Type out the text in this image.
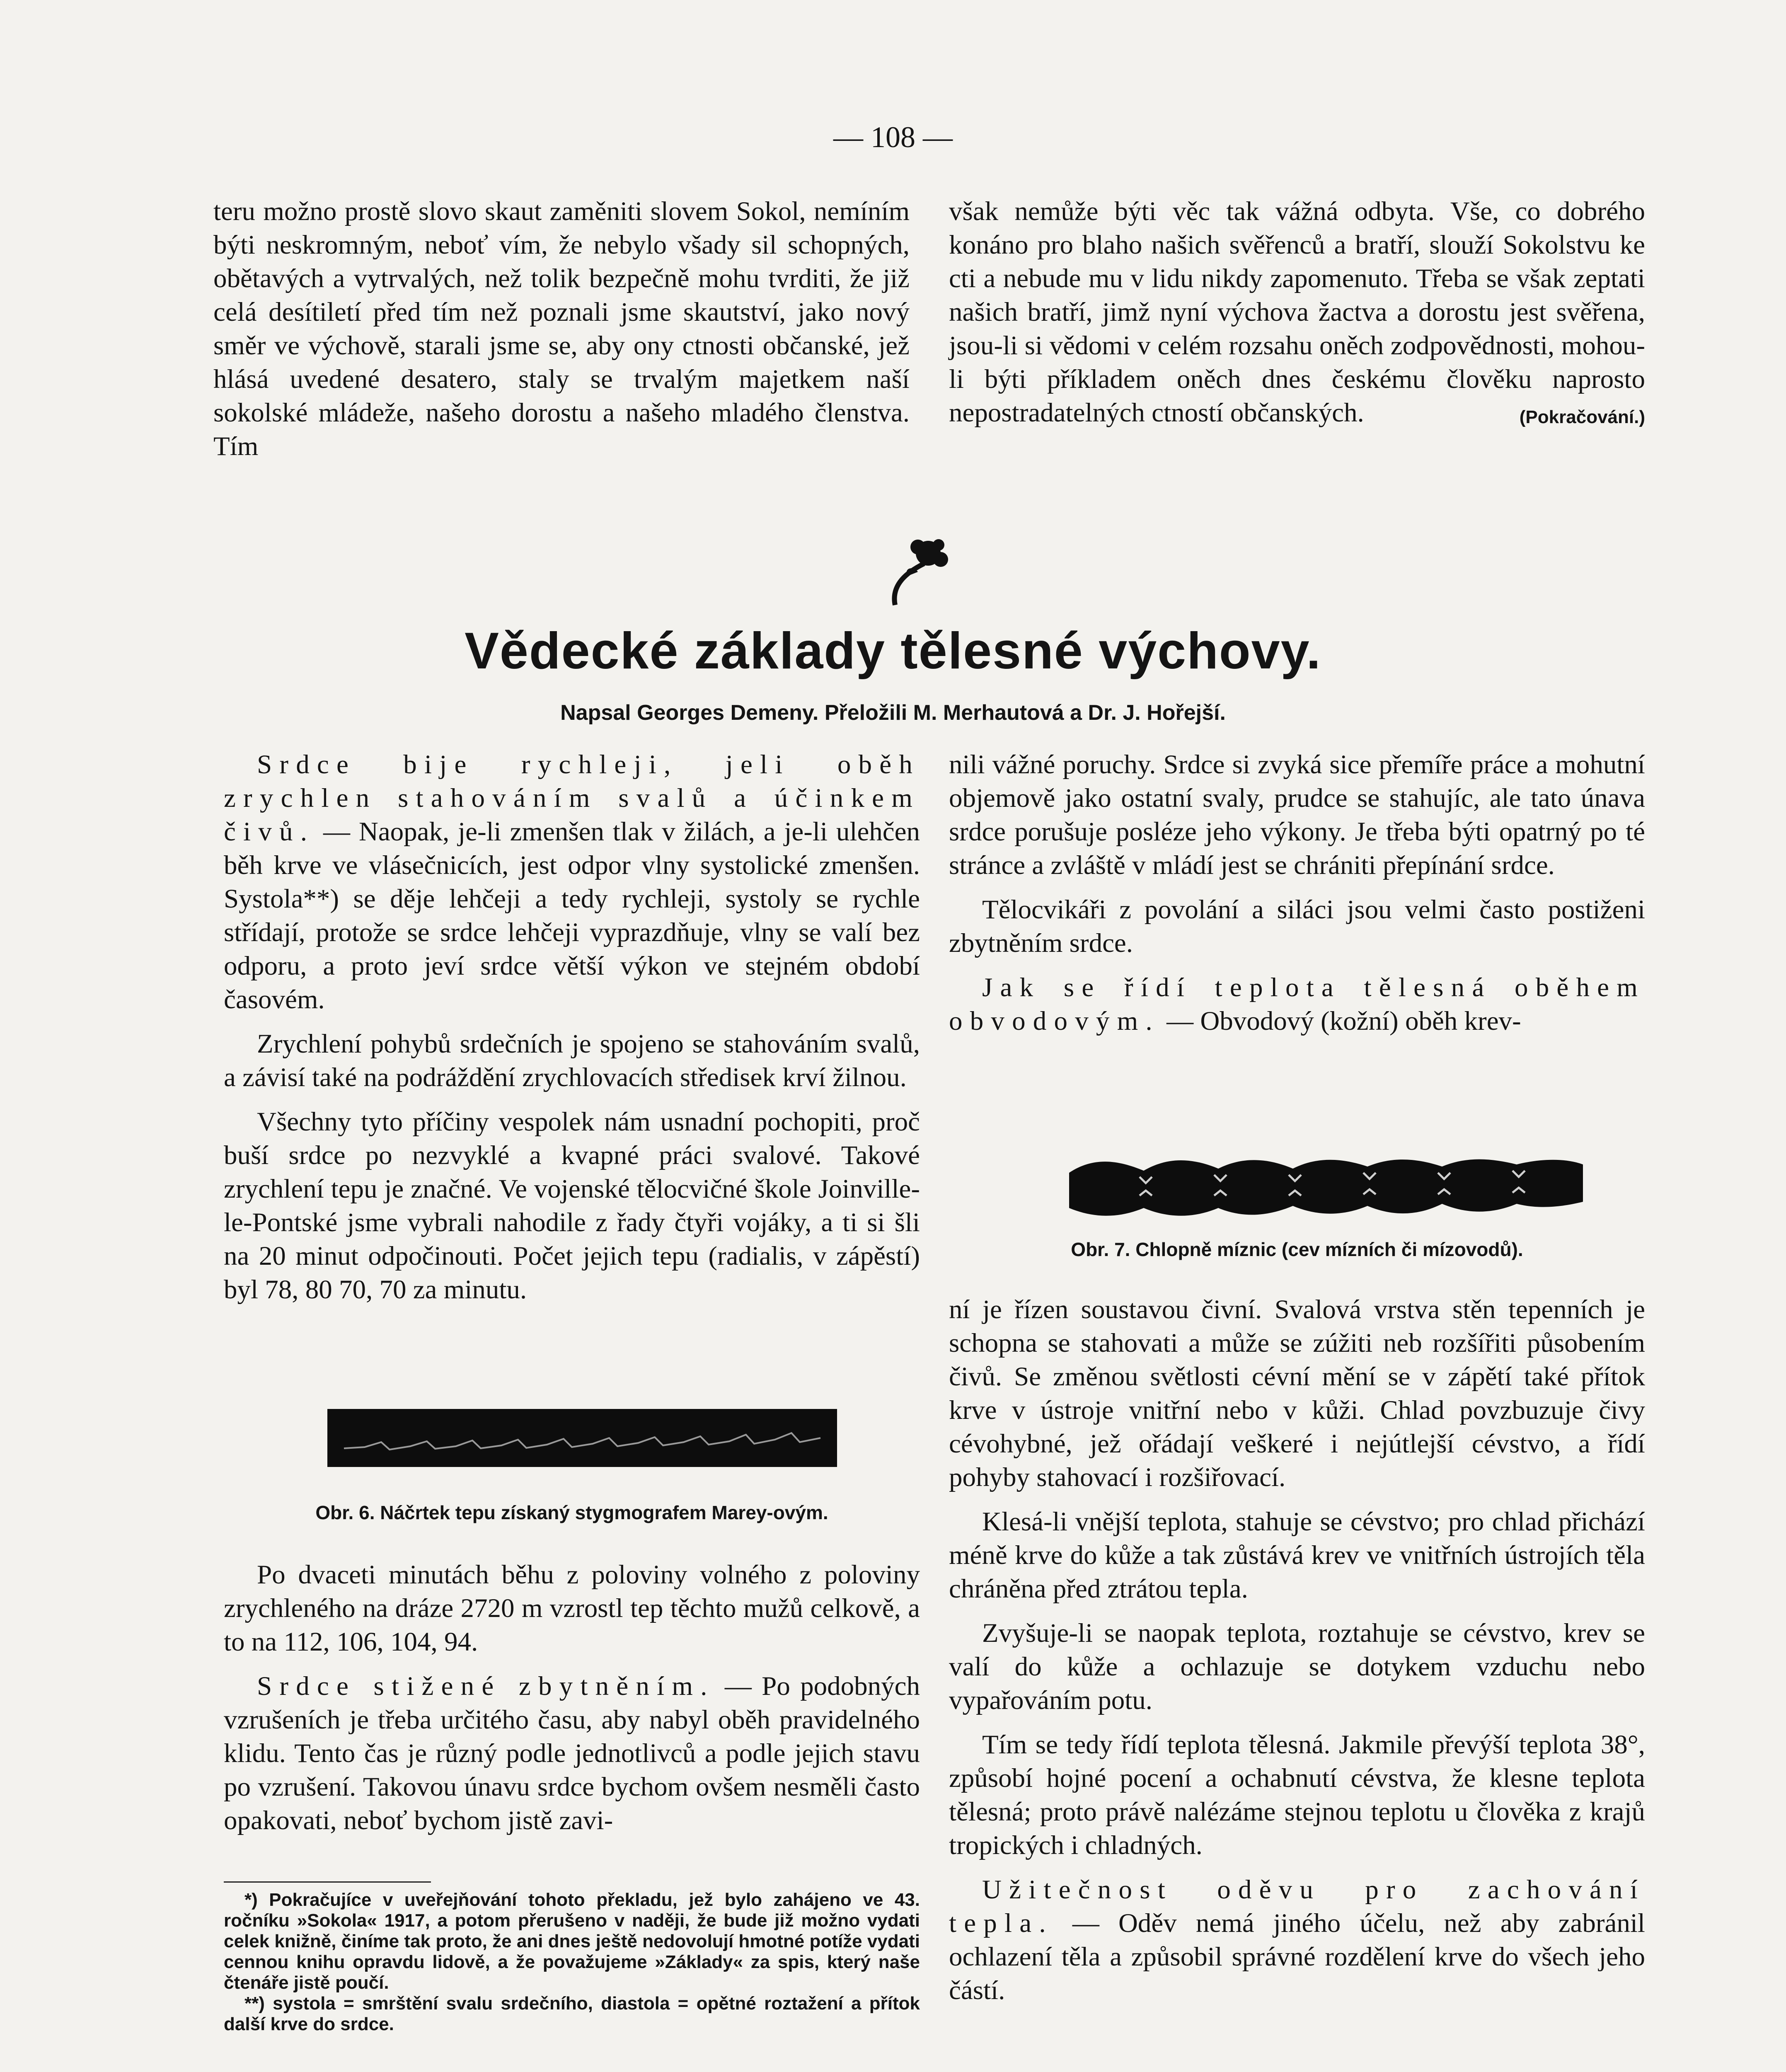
— 108 —

teru možno prostě slovo skaut zaměniti slovem Sokol, nemíním býti neskromným, neboť vím, že nebylo všady sil schopných, obětavých a vytrvalých, než tolik bezpečně mohu tvrditi, že již celá desítiletí před tím než poznali jsme skautství, jako nový směr ve výchově, starali jsme se, aby ony ctnosti občanské, jež hlásá uvedené desatero, staly se trvalým majetkem naší sokolské mládeže, našeho dorostu a našeho mladého členstva. Tím

však nemůže býti věc tak vážná odbyta. Vše, co dobrého konáno pro blaho našich svěřenců a bratří, slouží Sokolstvu ke cti a nebude mu v lidu nikdy zapomenuto. Třeba se však zeptati našich bratří, jimž nyní výchova žactva a dorostu jest svěřena, jsou-li si vědomi v celém rozsahu oněch zodpovědnosti, mohou-li býti příkladem oněch dnes českému člověku naprosto nepostradatelných ctností občanských.	(Pokračování.)

Vědecké základy tělesné výchovy.
Napsal Georges Demeny. Přeložili M. Merhautová a Dr. J. Hořejší.

Srdce bije rychleji, jeli oběh zrychlen stahováním svalů a účinkem čivů. — Naopak, je-li zmenšen tlak v žilách, a je-li ulehčen běh krve ve vlásečnicích, jest odpor vlny systolické zmenšen. Systola**) se děje lehčeji a tedy rychleji, systoly se rychle střídají, protože se srdce lehčeji vyprazdňuje, vlny se valí bez odporu, a proto jeví srdce větší výkon ve stejném období časovém.

Zrychlení pohybů srdečních je spojeno se stahováním svalů, a závisí také na podráždění zrychlovacích středisek krví žilnou.

Všechny tyto příčiny vespolek nám usnadní pochopiti, proč buší srdce po nezvyklé a kvapné práci svalové. Takové zrychlení tepu je značné. Ve vojenské tělocvičné škole Joinville-le-Pontské jsme vybrali nahodile z řady čtyři vojáky, a ti si šli na 20 minut odpočinouti. Počet jejich tepu (radialis, v zápěstí) byl 78, 80 70, 70 za minutu.

Obr. 6. Náčrtek tepu získaný stygmografem Marey-ovým.

Po dvaceti minutách běhu z poloviny volného z poloviny zrychleného na dráze 2720 m vzrostl tep těchto mužů celkově, a to na 112, 106, 104, 94.

Srdce stižené zbytněním. — Po podobných vzrušeních je třeba určitého času, aby nabyl oběh pravidelného klidu. Tento čas je různý podle jednotlivců a podle jejich stavu po vzrušení. Takovou únavu srdce bychom ovšem nesměli často opakovati, neboť bychom jistě zavi-

*) Pokračujíce v uveřejňování tohoto překladu, jež bylo zahájeno ve 43. ročníku »Sokola« 1917, a potom přerušeno v naději, že bude již možno vydati celek knižně, činíme tak proto, že ani dnes ještě nedovolují hmotné potíže vydati cennou knihu opravdu lidově, a že považujeme »Základy« za spis, který naše čtenáře jistě poučí.

**) systola = smrštění svalu srdečního, diastola = opětné roztažení a přítok další krve do srdce.

nili vážné poruchy. Srdce si zvyká sice přemíře práce a mohutní objemově jako ostatní svaly, prudce se stahujíc, ale tato únava srdce porušuje posléze jeho výkony. Je třeba býti opatrný po té stránce a zvláště v mládí jest se chrániti přepínání srdce.

Tělocvikáři z povolání a siláci jsou velmi často postiženi zbytněním srdce.

Jak se řídí teplota tělesná oběhem obvodovým. — Obvodový (kožní) oběh krev-

Obr. 7. Chlopně míznic (cev mízních či mízovodů).

ní je řízen soustavou čivní. Svalová vrstva stěn tepenních je schopna se stahovati a může se zúžiti neb rozšířiti působením čivů. Se změnou světlosti cévní mění se v zápětí také přítok krve v ústroje vnitřní nebo v kůži. Chlad povzbuzuje čivy cévohybné, jež ořádají veškeré i nejútlejší cévstvo, a řídí pohyby stahovací i rozšiřovací.

Klesá-li vnější teplota, stahuje se cévstvo; pro chlad přichází méně krve do kůže a tak zůstává krev ve vnitřních ústrojích těla chráněna před ztrátou tepla.

Zvyšuje-li se naopak teplota, roztahuje se cévstvo, krev se valí do kůže a ochlazuje se dotykem vzduchu nebo vypařováním potu.

Tím se tedy řídí teplota tělesná. Jakmile převýší teplota 38°, způsobí hojné pocení a ochabnutí cévstva, že klesne teplota tělesná; proto právě nalézáme stejnou teplotu u člověka z krajů tropických i chladných.

Užitečnost oděvu pro zachování tepla. — Oděv nemá jiného účelu, než aby zabránil ochlazení těla a způsobil správné rozdělení krve do všech jeho částí.
